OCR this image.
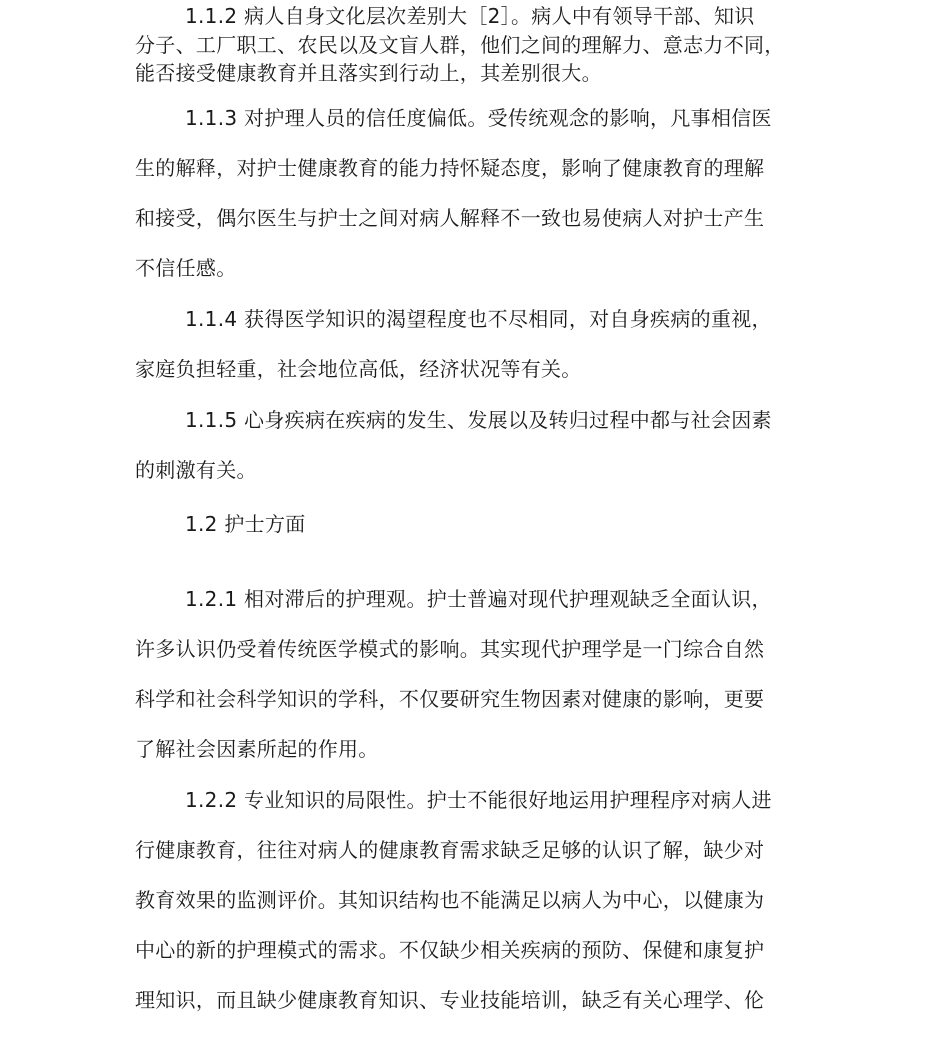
1.1.2 病人自身文化层次差别大［2］。病人中有领导干部、知识
分子、工厂职工、农民以及文盲人群，他们之间的理解力、意志力不同，
能否接受健康教育并且落实到行动上，其差别很大。
1.1.3 对护理人员的信任度偏低。受传统观念的影响，凡事相信医
生的解释，对护士健康教育的能力持怀疑态度，影响了健康教育的理解
和接受，偶尔医生与护士之间对病人解释不一致也易使病人对护士产生
不信任感。
1.1.4 获得医学知识的渴望程度也不尽相同，对自身疾病的重视，
家庭负担轻重，社会地位高低，经济状况等有关。
1.1.5 心身疾病在疾病的发生、发展以及转归过程中都与社会因素
的刺激有关。
1.2 护士方面
1.2.1 相对滞后的护理观。护士普遍对现代护理观缺乏全面认识，
许多认识仍受着传统医学模式的影响。其实现代护理学是一门综合自然
科学和社会科学知识的学科，不仅要研究生物因素对健康的影响，更要
了解社会因素所起的作用。
1.2.2 专业知识的局限性。护士不能很好地运用护理程序对病人进
行健康教育，往往对病人的健康教育需求缺乏足够的认识了解，缺少对
教育效果的监测评价。其知识结构也不能满足以病人为中心，以健康为
中心的新的护理模式的需求。不仅缺少相关疾病的预防、保健和康复护
理知识，而且缺少健康教育知识、专业技能培训，缺乏有关心理学、伦
